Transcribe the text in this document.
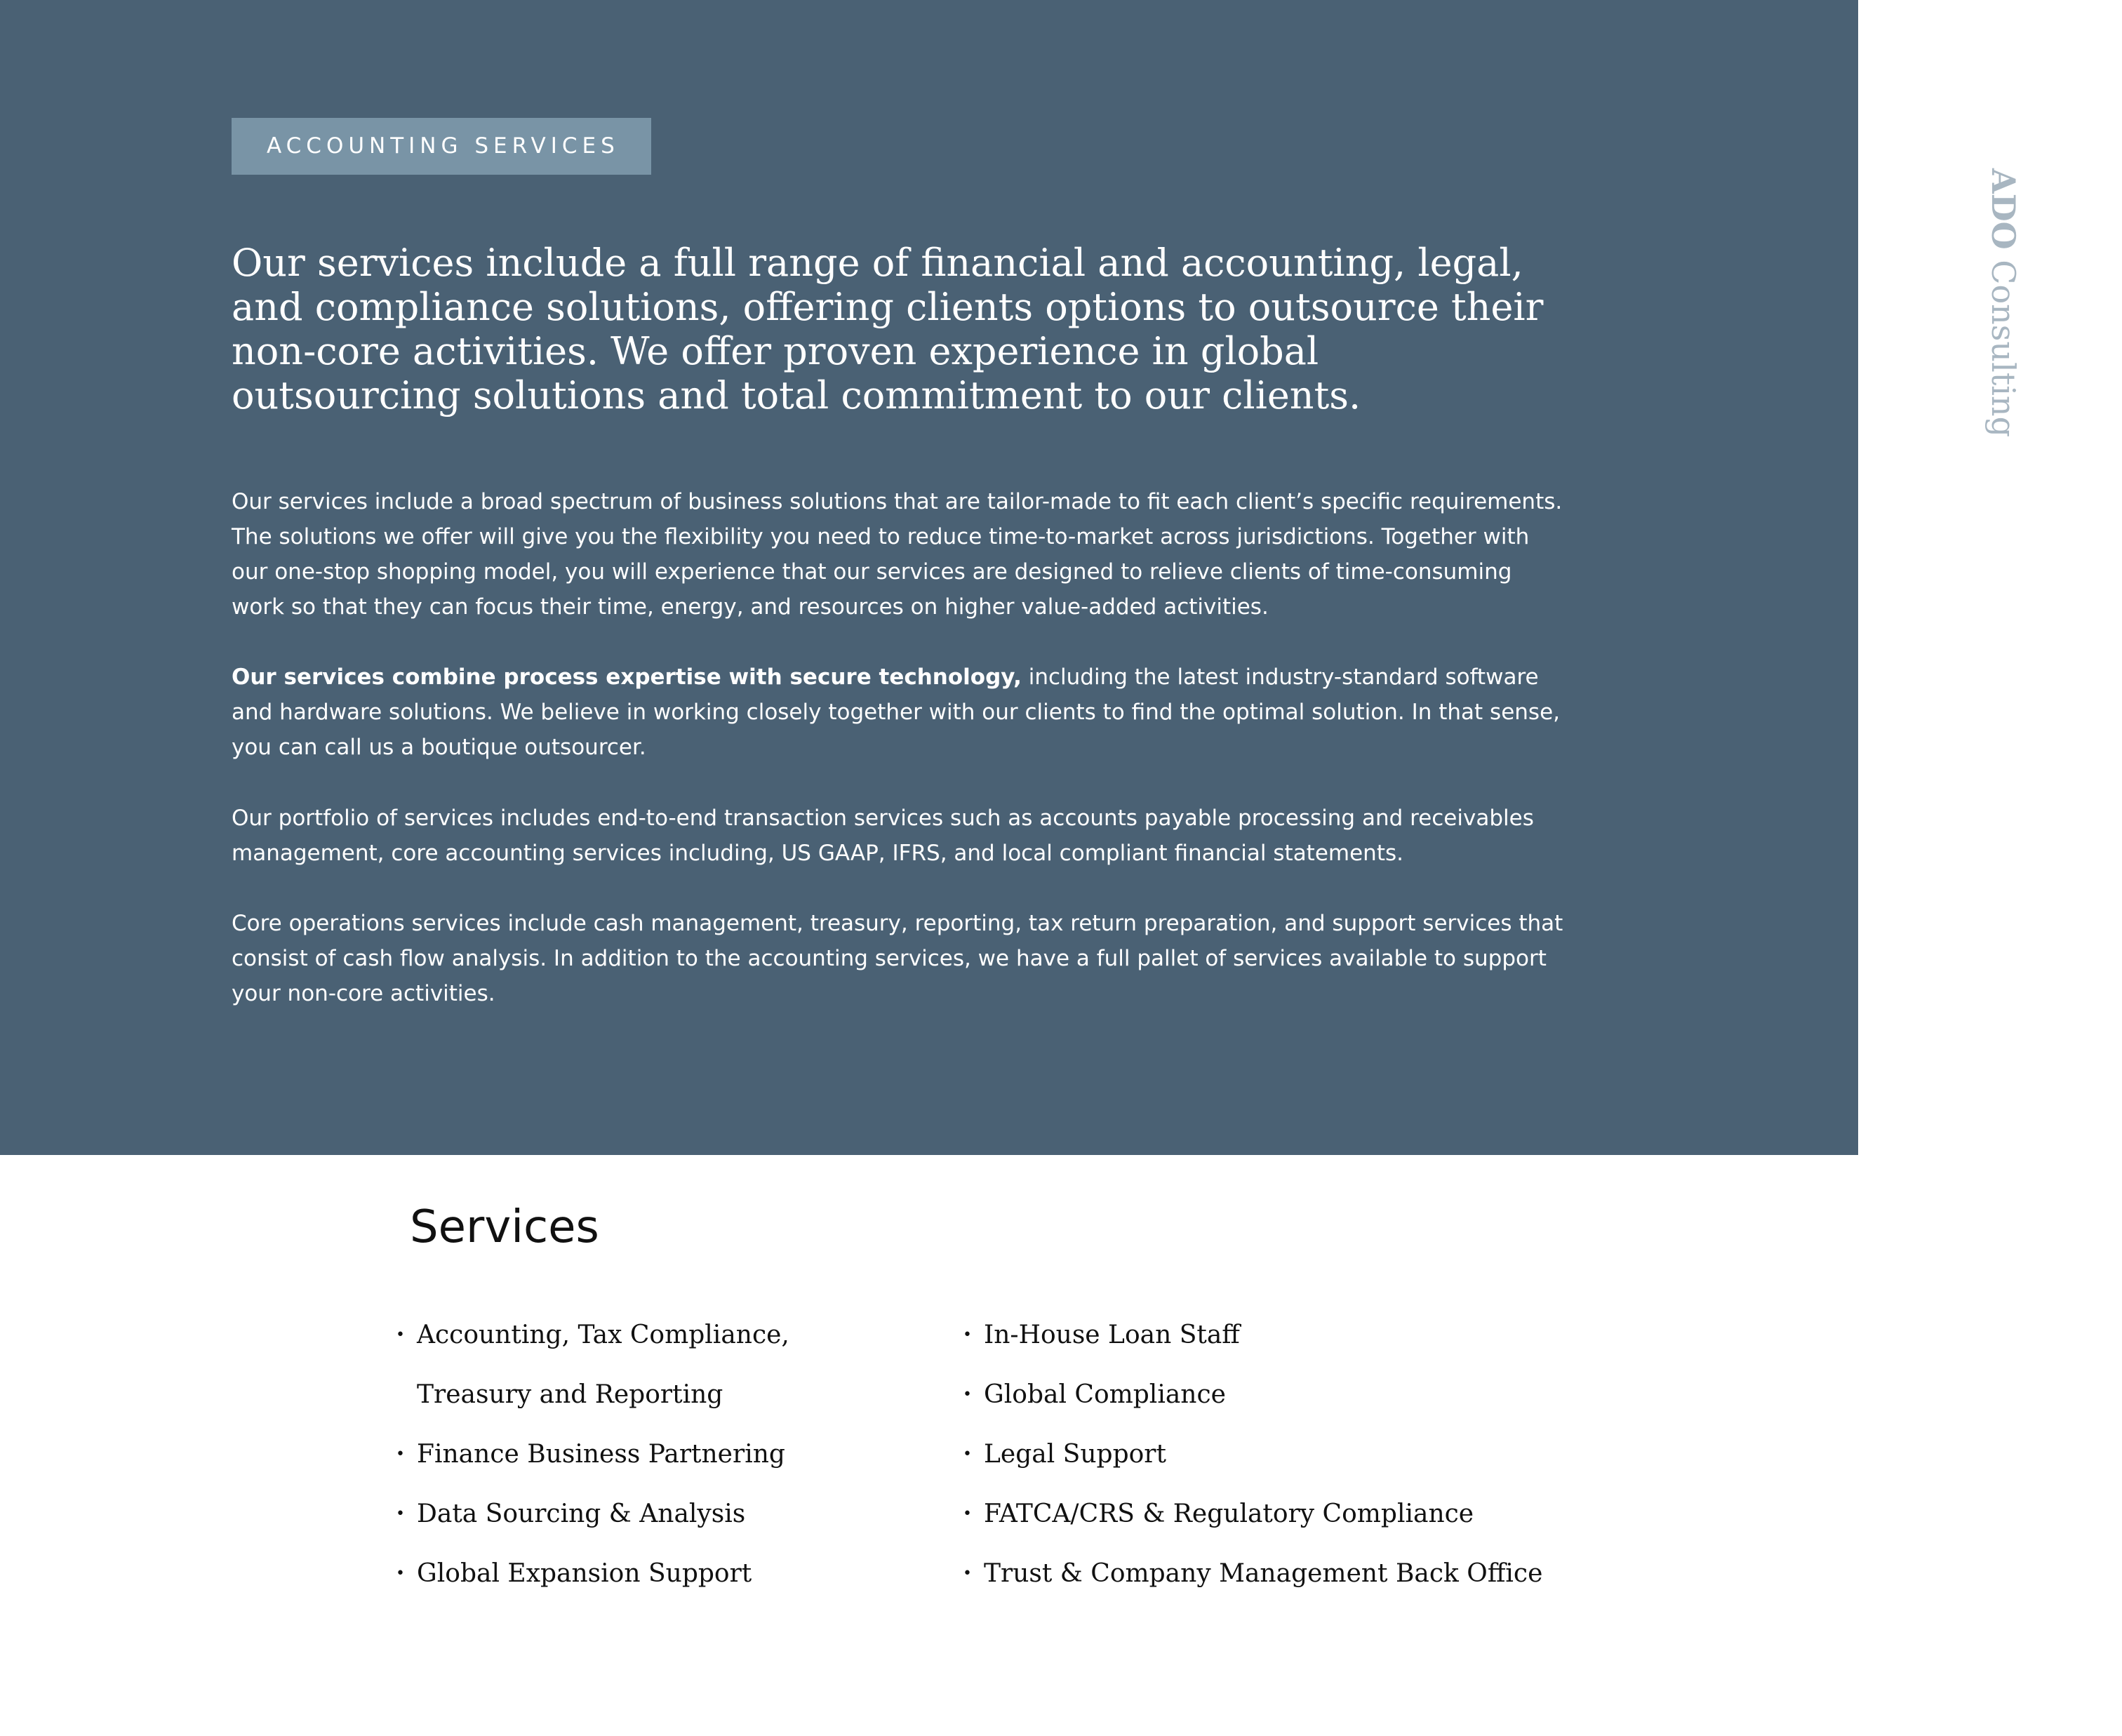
ACCOUNTING SERVICES

Our services include a full range of financial and accounting, legal, and compliance solutions, offering clients options to outsource their non-core activities. We offer proven experience in global outsourcing solutions and total commitment to our clients.

Our services include a broad spectrum of business solutions that are tailor-made to fit each client’s specific requirements. The solutions we offer will give you the flexibility you need to reduce time-to-market across jurisdictions. Together with our one-stop shopping model, you will experience that our services are designed to relieve clients of time-consuming work so that they can focus their time, energy, and resources on higher value-added activities.

Our services combine process expertise with secure technology, including the latest industry-standard software and hardware solutions. We believe in working closely together with our clients to find the optimal solution. In that sense, you can call us a boutique outsourcer.

Our portfolio of services includes end-to-end transaction services such as accounts payable processing and receivables management, core accounting services including, US GAAP, IFRS, and local compliant financial statements.

Core operations services include cash management, treasury, reporting, tax return preparation, and support services that consist of cash flow analysis. In addition to the accounting services, we have a full pallet of services available to support your non-core activities.

ADO Consulting
Services
• Accounting, Tax Compliance,
Treasury and Reporting
• Finance Business Partnering
• Data Sourcing & Analysis
• Global Expansion Support
• In-House Loan Staff
• Global Compliance
• Legal Support
• FATCA/CRS & Regulatory Compliance
• Trust & Company Management Back Office
